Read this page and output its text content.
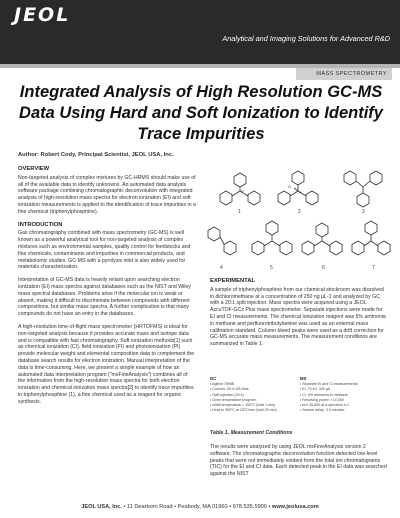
JEOL
Analytical and Imaging Solutions for Advanced R&D
MASS SPECTROMETRY
Integrated Analysis of High Resolution GC-MS Data Using Hard and Soft Ionization to Identify Trace Impurities
Author: Robert Cody, Principal Scientist, JEOL USA, Inc.
OVERVIEW
Non-targeted analysis of complex mixtures by GC-HRMS should make use of all of the available data to identify unknowns. An automated data analysis software package combining chromatographic deconvolution with integrated analysis of high-resolution mass spectra for electron ionization (EI) and soft ionization measurements is applied to the identification of trace impurities in a fine chemical (triphenylphosphine).
INTRODUCTION
Gas chromatography combined with mass spectrometry (GC-MS) is well known as a powerful analytical tool for non-targeted analysis of complex mixtures such as environmental samples, quality control for feedstocks and fine chemicals, contaminants and impurities in commercial products, and metabolomic studies. GC-MS with a pyrolysis inlet is also widely used for materials characterization.
Interpretation of GC-MS data is heavily reliant upon searching electron ionization (EI) mass spectra against databases such as the NIST and Wiley mass spectral databases. Problems arise if the molecular ion is weak or absent, making it difficult to discriminate between compounds with different compositions, but similar mass spectra. A further complication is that many compounds do not have an entry in the databases.
A high-resolution time-of-flight mass spectrometer (HRTOFMS) is ideal for non-targeted analysis because it provides accurate mass and isotope data and is compatible with fast chromatography. Soft ionization methods[1] such as chemical ionization (CI), field ionization (FI) and photoionization (PI) provide molecular weight and elemental composition data to complement the database search results for electron ionization. Manual interpretation of the data is time-consuming. Here, we present a simple example of how an automated data interpretation program ("msFineAnalysis") combines all of the information from the high-resolution mass spectra for both electron ionization and chemical ionization mass spectra[2] to identify trace impurities in triphenylphosphine (1), a fine chemical used as a reagent for organic synthesis.
P	P
O
1	2	3
4	5	6	7
EXPERIMENTAL
A sample of triphenylphosphine from our chemical stockroom was dissolved in dichloromethane at a concentration of 250 ng µL-1 and analyzed by GC with a 20:1 split injection. Mass spectra were acquired using a JEOL AccuTOF-GCx Plus mass spectrometer. Separate injections were made for EI and CI measurements. The chemical ionization reagent was 5% ammonia in methane and perfluorotributylamine was used as an external mass calibration standard. Column bleed peaks were used as a drift correction for GC-MS accurate mass measurements. The measurement conditions are summarized in Table 1.
GC
• Agilent 7890B
• Column: 30 m DB-5ms
• Split injection (20:1)
• Oven temperature program:
• Initial temperature = 100°C (hold 1 min)
• Heat to 300°C at 15°C/min (hold 20 min)
MS
• Separate EI and CI measurements
• EI, 70 eV, 300 µA
• CI, 5% ammonia in methane
• Resolving power > 10,000
• m/z 35-800 at a spectrum s-1
• Solvent delay: 3.9 minutes
Table 1. Measurement Conditions
The results were analyzed by using JEOL msFineAnalysis version 2 software. The chromatographic deconvolution function detected low-level peaks that were not immediately evident from the total ion chromatograms (TIC) for the EI and CI data. Each detected peak in the EI data was searched against the NIST
JEOL USA, Inc. • 11 Dearborn Road • Peabody, MA 01960 • 978.535.5900 • www.jeolusa.com
